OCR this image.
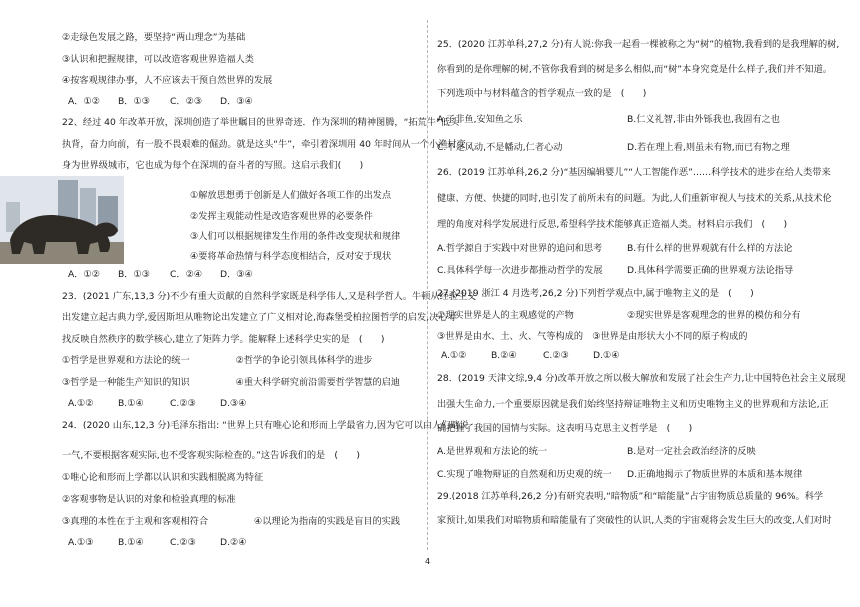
②走绿色发展之路，要坚持“两山理念”为基础
③认识和把握规律，可以改造客观世界造福人类
④按客观规律办事，人不应该去干预自然世界的发展
A．①② B．①③ C．②③ D．③④
22、经过 40 年改革开放，深圳创造了举世瞩目的世界奇迹．作为深圳的精神图腾，“拓荒牛”低头
执背，奋力向前，有一股不畏艰难的倔劲。就是这头“牛”，牵引着深圳用 40 年时间从一个小渔村变
身为世界级城市，它也成为每个在深圳的奋斗者的写照。这启示我们(　　)
①解放思想勇于创新是人们做好各项工作的出发点
②发挥主观能动性是改造客观世界的必要条件
③人们可以根据规律发生作用的条件改变现状和规律
④要将革命热情与科学态度相结合，反对安于现状
A．①② B．①③ C．②④ D．③④
23．(2021 广东,13,3 分)不少有重大贡献的自然科学家既是科学伟人,又是科学哲人。牛顿从经验主义
出发建立起古典力学,爱因斯坦从唯物论出发建立了广义相对论,海森堡受柏拉图哲学的启发,决心寻
找反映自然秩序的数学核心,建立了矩阵力学。能解释上述科学史实的是　(　　)
①哲学是世界观和方法论的统一　　　　　②哲学的争论引领具体科学的进步
③哲学是一种能生产知识的知识　　　　　④重大科学研究前沿需要哲学智慧的启迪
A.①②	B.①④	C.②③	D.③④
24．(2020 山东,12,3 分)毛泽东指出: “世界上只有唯心论和形而上学最省力,因为它可以由人们瞎说
一气,不要根据客观实际,也不受客观实际检查的。”这告诉我们的是　(　　)
①唯心论和形而上学都以认识和实践相脱离为特征
②客观事物是认识的对象和检验真理的标准
③真理的本性在于主观和客观相符合　　　　　④以理论为指南的实践是盲目的实践
A.①③	B.①④	C.②③	D.②④
25．(2020 江苏单科,27,2 分)有人说:你我一起看一棵被称之为“树”的植物,我看到的是我理解的树,
你看到的是你理解的树,不管你我看到的树是多么相似,而“树”本身究竟是什么样子,我们并不知道。
下列选项中与材料蕴含的哲学观点一致的是　(　　)
A.子非鱼,安知鱼之乐	B.仁义礼智,非由外铄我也,我固有之也
C.不是风动,不是幡动,仁者心动	D.若在理上看,则虽未有物,而已有物之理
26．(2019 江苏单科,26,2 分)“基因编辑婴儿”“人工智能作恶”……科学技术的进步在给人类带来
健康、方便、快捷的同时,也引发了前所未有的问题。为此,人们重新审视人与技术的关系,从技术伦
理的角度对科学发展进行反思,希望科学技术能够真正造福人类。材料启示我们　(　　)
A.哲学源自于实践中对世界的追问和思考	B.有什么样的世界观就有什么样的方法论
C.具体科学每一次进步都推动哲学的发展	D.具体科学需要正确的世界观方法论指导
27.(2019 浙江 4 月选考,26,2 分)下列哲学观点中,属于唯物主义的是　(　　)
①现实世界是人的主观感觉的产物	②现实世界是客观理念的世界的模仿和分有
③世界是由水、土、火、气等构成的　③世界是由形状大小不同的原子构成的
A.①②	B.②④	C.②③	D.①④
28．(2019 天津文综,9,4 分)改革开放之所以极大解放和发展了社会生产力,让中国特色社会主义展现
出强大生命力,一个重要原因就是我们始终坚持辩证唯物主义和历史唯物主义的世界观和方法论,正
确把握了我国的国情与实际。这表明马克思主义哲学是　(　　)
A.是世界观和方法论的统一	B.是对一定社会政治经济的反映
C.实现了唯物辩证的自然观和历史观的统一 D.正确地揭示了物质世界的本质和基本规律
29.(2018 江苏单科,26,2 分)有研究表明,“暗物质”和“暗能量”占宇宙物质总质量的 96%。科学
家预计,如果我们对暗物质和暗能量有了突破性的认识,人类的宇宙观将会发生巨大的改变,人们对时
4
